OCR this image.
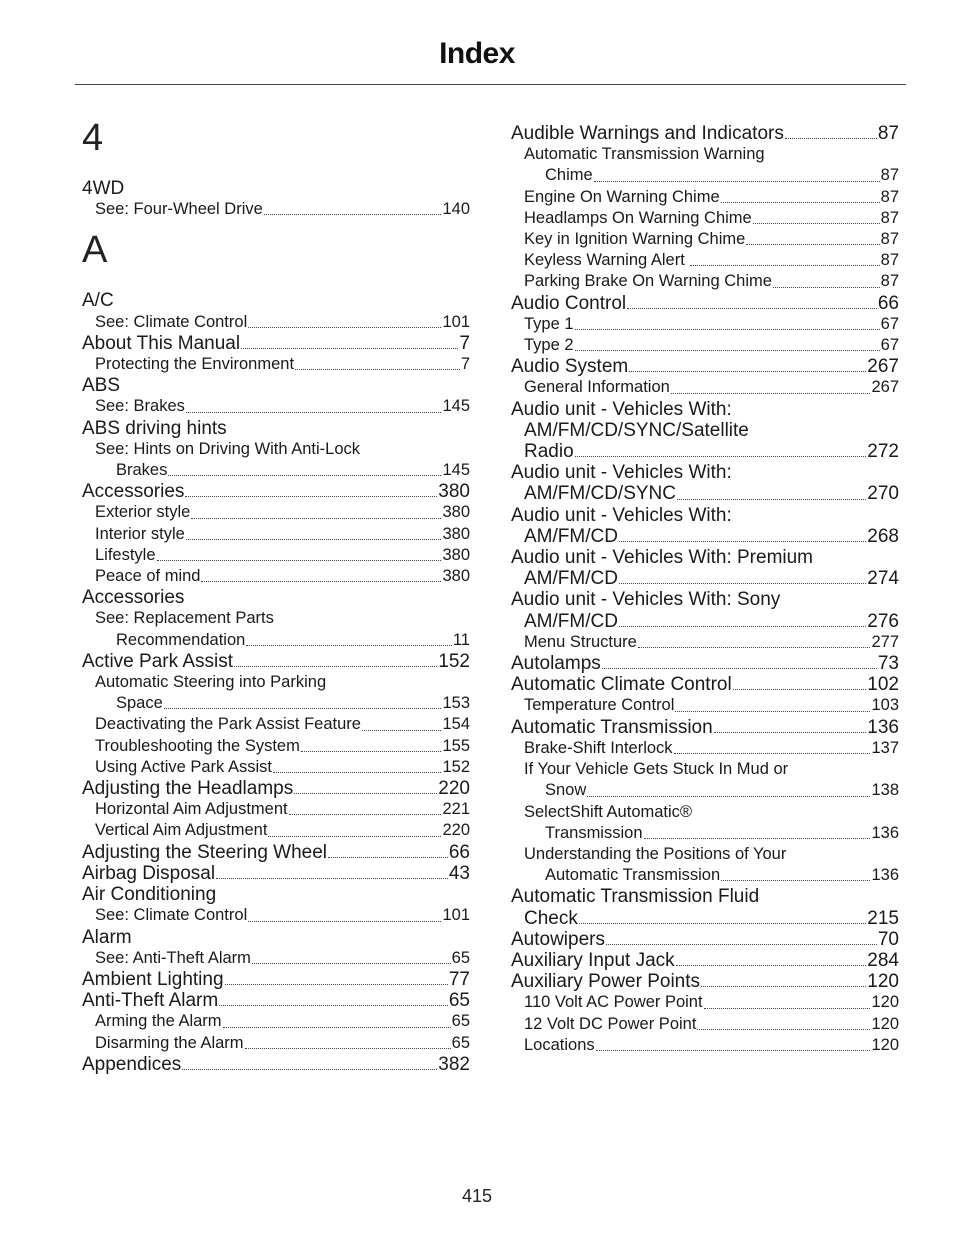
Index
4
4WD
See: Four-Wheel Drive	140
A
A/C
See: Climate Control	101
About This Manual	7
Protecting the Environment	7
ABS
See: Brakes	145
ABS driving hints
See: Hints on Driving With Anti-Lock
Brakes	145
Accessories	380
Exterior style	380
Interior style	380
Lifestyle	380
Peace of mind	380
Accessories
See: Replacement Parts
Recommendation	11
Active Park Assist	152
Automatic Steering into Parking
Space	153
Deactivating the Park Assist Feature	154
Troubleshooting the System	155
Using Active Park Assist	152
Adjusting the Headlamps	220
Horizontal Aim Adjustment	221
Vertical Aim Adjustment	220
Adjusting the Steering Wheel	66
Airbag Disposal	43
Air Conditioning
See: Climate Control	101
Alarm
See: Anti-Theft Alarm	65
Ambient Lighting	77
Anti-Theft Alarm	65
Arming the Alarm	65
Disarming the Alarm	65
Appendices	382
Audible Warnings and Indicators	87
Automatic Transmission Warning
Chime	87
Engine On Warning Chime	87
Headlamps On Warning Chime	87
Key in Ignition Warning Chime	87
Keyless Warning Alert	87
Parking Brake On Warning Chime	87
Audio Control	66
Type 1	67
Type 2	67
Audio System	267
General Information	267
Audio unit - Vehicles With:
AM/FM/CD/SYNC/Satellite
Radio	272
Audio unit - Vehicles With:
AM/FM/CD/SYNC	270
Audio unit - Vehicles With:
AM/FM/CD	268
Audio unit - Vehicles With: Premium
AM/FM/CD	274
Audio unit - Vehicles With: Sony
AM/FM/CD	276
Menu Structure	277
Autolamps	73
Automatic Climate Control	102
Temperature Control	103
Automatic Transmission	136
Brake-Shift Interlock	137
If Your Vehicle Gets Stuck In Mud or
Snow	138
SelectShift Automatic®
Transmission	136
Understanding the Positions of Your
Automatic Transmission	136
Automatic Transmission Fluid
Check	215
Autowipers	70
Auxiliary Input Jack	284
Auxiliary Power Points	120
110 Volt AC Power Point	120
12 Volt DC Power Point	120
Locations	120
415
